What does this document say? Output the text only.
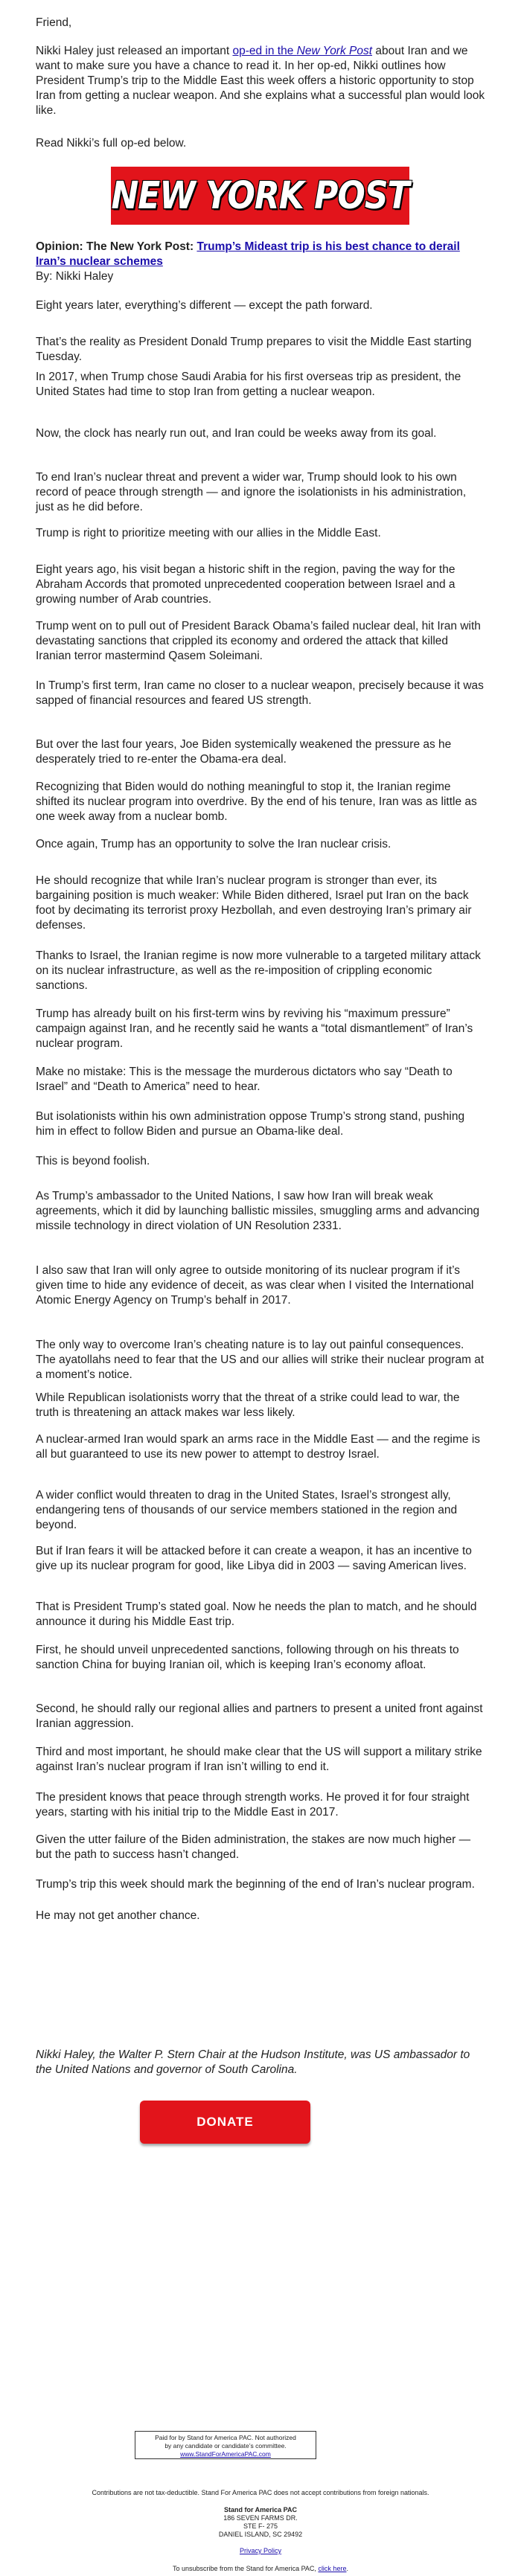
Friend,

Nikki Haley just released an important op-ed in the New York Post about Iran and we want to make sure you have a chance to read it. In her op-ed, Nikki outlines how President Trump’s trip to the Middle East this week offers a historic opportunity to stop Iran from getting a nuclear weapon. And she explains what a successful plan would look like.

Read Nikki’s full op-ed below.

NEW YORK POST

Opinion: The New York Post: Trump’s Mideast trip is his best chance to derail Iran’s nuclear schemes

By: Nikki Haley

Eight years later, everything’s different — except the path forward.

That’s the reality as President Donald Trump prepares to visit the Middle East starting Tuesday.

In 2017, when Trump chose Saudi Arabia for his first overseas trip as president, the United States had time to stop Iran from getting a nuclear weapon.

Now, the clock has nearly run out, and Iran could be weeks away from its goal.

To end Iran’s nuclear threat and prevent a wider war, Trump should look to his own record of peace through strength — and ignore the isolationists in his administration, just as he did before.

Trump is right to prioritize meeting with our allies in the Middle East.

Eight years ago, his visit began a historic shift in the region, paving the way for the Abraham Accords that promoted unprecedented cooperation between Israel and a growing number of Arab countries.

Trump went on to pull out of President Barack Obama’s failed nuclear deal, hit Iran with devastating sanctions that crippled its economy and ordered the attack that killed Iranian terror mastermind Qasem Soleimani.

In Trump’s first term, Iran came no closer to a nuclear weapon, precisely because it was sapped of financial resources and feared US strength.

But over the last four years, Joe Biden systemically weakened the pressure as he desperately tried to re-enter the Obama-era deal.

Recognizing that Biden would do nothing meaningful to stop it, the Iranian regime shifted its nuclear program into overdrive. By the end of his tenure, Iran was as little as one week away from a nuclear bomb.

Once again, Trump has an opportunity to solve the Iran nuclear crisis.

He should recognize that while Iran’s nuclear program is stronger than ever, its bargaining position is much weaker: While Biden dithered, Israel put Iran on the back foot by decimating its terrorist proxy Hezbollah, and even destroying Iran’s primary air defenses.

Thanks to Israel, the Iranian regime is now more vulnerable to a targeted military attack on its nuclear infrastructure, as well as the re-imposition of crippling economic sanctions.

Trump has already built on his first-term wins by reviving his “maximum pressure” campaign against Iran, and he recently said he wants a “total dismantlement” of Iran’s nuclear program.

Make no mistake: This is the message the murderous dictators who say “Death to Israel” and “Death to America” need to hear.

But isolationists within his own administration oppose Trump’s strong stand, pushing him in effect to follow Biden and pursue an Obama-like deal.

This is beyond foolish.

As Trump’s ambassador to the United Nations, I saw how Iran will break weak agreements, which it did by launching ballistic missiles, smuggling arms and advancing missile technology in direct violation of UN Resolution 2331.

I also saw that Iran will only agree to outside monitoring of its nuclear program if it’s given time to hide any evidence of deceit, as was clear when I visited the International Atomic Energy Agency on Trump’s behalf in 2017.

The only way to overcome Iran’s cheating nature is to lay out painful consequences. The ayatollahs need to fear that the US and our allies will strike their nuclear program at a moment’s notice.

While Republican isolationists worry that the threat of a strike could lead to war, the truth is threatening an attack makes war less likely.

A nuclear-armed Iran would spark an arms race in the Middle East — and the regime is all but guaranteed to use its new power to attempt to destroy Israel.

A wider conflict would threaten to drag in the United States, Israel’s strongest ally, endangering tens of thousands of our service members stationed in the region and beyond.

But if Iran fears it will be attacked before it can create a weapon, it has an incentive to give up its nuclear program for good, like Libya did in 2003 — saving American lives.

That is President Trump’s stated goal. Now he needs the plan to match, and he should announce it during his Middle East trip.

First, he should unveil unprecedented sanctions, following through on his threats to sanction China for buying Iranian oil, which is keeping Iran’s economy afloat.

Second, he should rally our regional allies and partners to present a united front against Iranian aggression.

Third and most important, he should make clear that the US will support a military strike against Iran’s nuclear program if Iran isn’t willing to end it.

The president knows that peace through strength works. He proved it for four straight years, starting with his initial trip to the Middle East in 2017.

Given the utter failure of the Biden administration, the stakes are now much higher — but the path to success hasn’t changed.

Trump’s trip this week should mark the beginning of the end of Iran’s nuclear program.

He may not get another chance.

Nikki Haley, the Walter P. Stern Chair at the Hudson Institute, was US ambassador to the United Nations and governor of South Carolina.

DONATE
Paid for by Stand for America PAC. Not authorized
by any candidate or candidate’s committee.
www.StandForAmericaPAC.com
Contributions are not tax-deductible. Stand For America PAC does not accept contributions from foreign nationals.
Stand for America PAC
186 SEVEN FARMS DR.
STE F- 275
DANIEL ISLAND, SC 29492
Privacy Policy
To unsubscribe from the Stand for America PAC, click here.
